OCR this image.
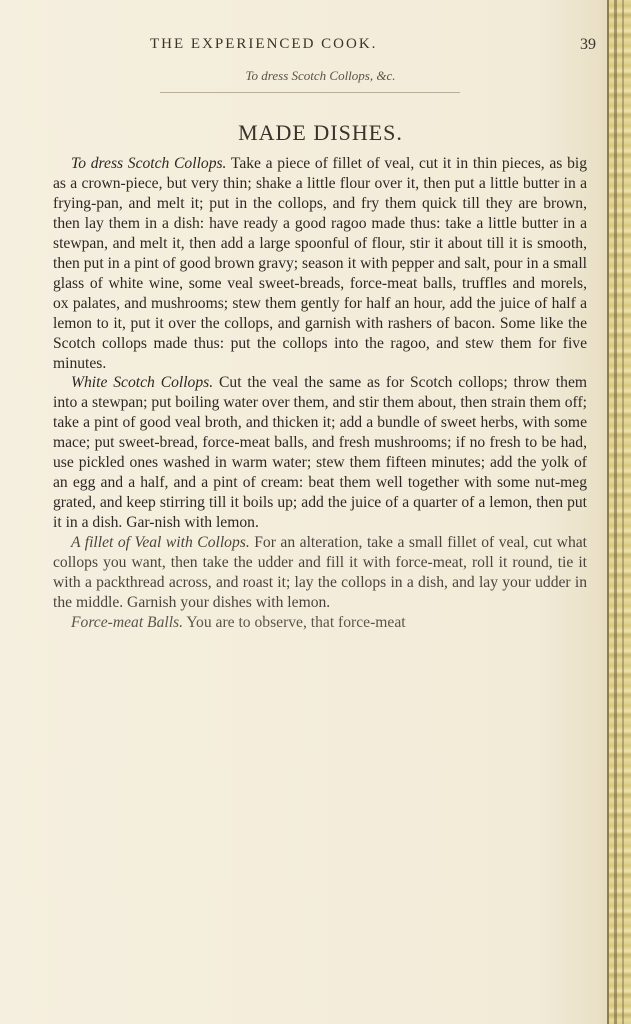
THE EXPERIENCED COOK.	39
To dress Scotch Collops, &c.
MADE DISHES.

To dress Scotch Collops. Take a piece of fillet of veal, cut it in thin pieces, as big as a crown-piece, but very thin; shake a little flour over it, then put a little butter in a frying-pan, and melt it; put in the collops, and fry them quick till they are brown, then lay them in a dish: have ready a good ragoo made thus: take a little butter in a stewpan, and melt it, then add a large spoonful of flour, stir it about till it is smooth, then put in a pint of good brown gravy; season it with pepper and salt, pour in a small glass of white wine, some veal sweet-breads, force-meat balls, truffles and morels, ox palates, and mushrooms; stew them gently for half an hour, add the juice of half a lemon to it, put it over the collops, and garnish with rashers of bacon. Some like the Scotch collops made thus: put the collops into the ragoo, and stew them for five minutes.

White Scotch Collops. Cut the veal the same as for Scotch collops; throw them into a stewpan; put boiling water over them, and stir them about, then strain them off; take a pint of good veal broth, and thicken it; add a bundle of sweet herbs, with some mace; put sweet-bread, force-meat balls, and fresh mushrooms; if no fresh to be had, use pickled ones washed in warm water; stew them fifteen minutes; add the yolk of an egg and a half, and a pint of cream: beat them well together with some nut-meg grated, and keep stirring till it boils up; add the juice of a quarter of a lemon, then put it in a dish. Gar-nish with lemon.

A fillet of Veal with Collops. For an alteration, take a small fillet of veal, cut what collops you want, then take the udder and fill it with force-meat, roll it round, tie it with a packthread across, and roast it; lay the collops in a dish, and lay your udder in the middle. Garnish your dishes with lemon.

Force-meat Balls. You are to observe, that force-meat
